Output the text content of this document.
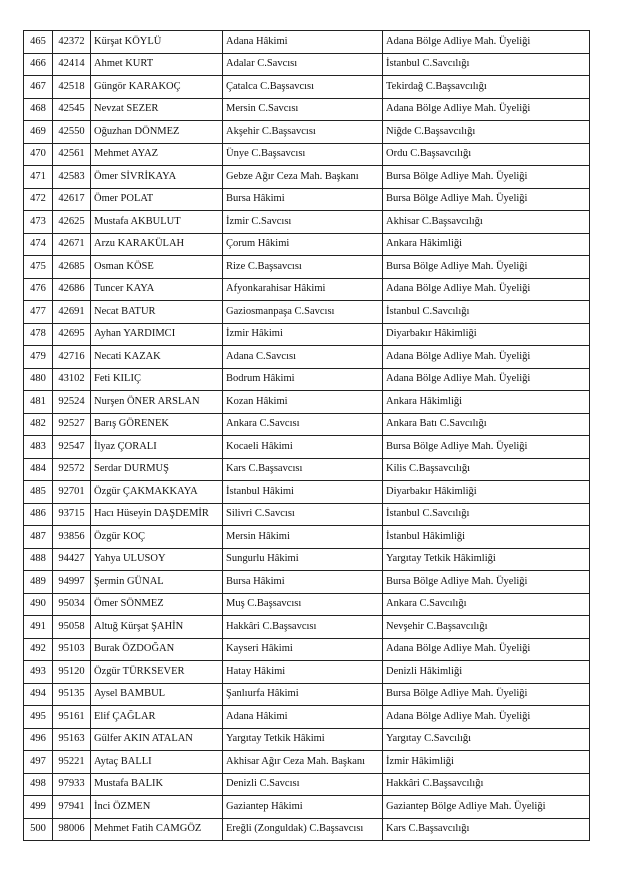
465	42372	Kürşat KÖYLÜ	Adana Hâkimi	Adana Bölge Adliye Mah. Üyeliği
466	42414	Ahmet KURT	Adalar C.Savcısı	İstanbul C.Savcılığı
467	42518	Güngör KARAKOÇ	Çatalca C.Başsavcısı	Tekirdağ C.Başsavcılığı
468	42545	Nevzat SEZER	Mersin C.Savcısı	Adana Bölge Adliye Mah. Üyeliği
469	42550	Oğuzhan DÖNMEZ	Akşehir C.Başsavcısı	Niğde C.Başsavcılığı
470	42561	Mehmet AYAZ	Ünye C.Başsavcısı	Ordu C.Başsavcılığı
471	42583	Ömer SİVRİKAYA	Gebze Ağır Ceza Mah. Başkanı	Bursa Bölge Adliye Mah. Üyeliği
472	42617	Ömer POLAT	Bursa Hâkimi	Bursa Bölge Adliye Mah. Üyeliği
473	42625	Mustafa AKBULUT	İzmir C.Savcısı	Akhisar C.Başsavcılığı
474	42671	Arzu KARAKÜLAH	Çorum Hâkimi	Ankara Hâkimliği
475	42685	Osman KÖSE	Rize C.Başsavcısı	Bursa Bölge Adliye Mah. Üyeliği
476	42686	Tuncer KAYA	Afyonkarahisar Hâkimi	Adana Bölge Adliye Mah. Üyeliği
477	42691	Necat BATUR	Gaziosmanpaşa C.Savcısı	İstanbul C.Savcılığı
478	42695	Ayhan YARDIMCI	İzmir Hâkimi	Diyarbakır Hâkimliği
479	42716	Necati KAZAK	Adana C.Savcısı	Adana Bölge Adliye Mah. Üyeliği
480	43102	Feti KILIÇ	Bodrum Hâkimi	Adana Bölge Adliye Mah. Üyeliği
481	92524	Nurşen ÖNER ARSLAN	Kozan Hâkimi	Ankara Hâkimliği
482	92527	Barış GÖRENEK	Ankara C.Savcısı	Ankara Batı C.Savcılığı
483	92547	İlyaz ÇORALI	Kocaeli Hâkimi	Bursa Bölge Adliye Mah. Üyeliği
484	92572	Serdar DURMUŞ	Kars C.Başsavcısı	Kilis C.Başsavcılığı
485	92701	Özgür ÇAKMAKKAYA	İstanbul Hâkimi	Diyarbakır Hâkimliği
486	93715	Hacı Hüseyin DAŞDEMİR	Silivri C.Savcısı	İstanbul C.Savcılığı
487	93856	Özgür KOÇ	Mersin Hâkimi	İstanbul Hâkimliği
488	94427	Yahya ULUSOY	Sungurlu Hâkimi	Yargıtay Tetkik Hâkimliği
489	94997	Şermin GÜNAL	Bursa Hâkimi	Bursa Bölge Adliye Mah. Üyeliği
490	95034	Ömer SÖNMEZ	Muş C.Başsavcısı	Ankara C.Savcılığı
491	95058	Altuğ Kürşat ŞAHİN	Hakkâri C.Başsavcısı	Nevşehir C.Başsavcılığı
492	95103	Burak ÖZDOĞAN	Kayseri Hâkimi	Adana Bölge Adliye Mah. Üyeliği
493	95120	Özgür TÜRKSEVER	Hatay Hâkimi	Denizli Hâkimliği
494	95135	Aysel BAMBUL	Şanlıurfa Hâkimi	Bursa Bölge Adliye Mah. Üyeliği
495	95161	Elif ÇAĞLAR	Adana Hâkimi	Adana Bölge Adliye Mah. Üyeliği
496	95163	Gülfer AKIN ATALAN	Yargıtay Tetkik Hâkimi	Yargıtay C.Savcılığı
497	95221	Aytaç BALLI	Akhisar Ağır Ceza Mah. Başkanı	İzmir Hâkimliği
498	97933	Mustafa BALIK	Denizli C.Savcısı	Hakkâri C.Başsavcılığı
499	97941	İnci ÖZMEN	Gaziantep Hâkimi	Gaziantep Bölge Adliye Mah. Üyeliği
500	98006	Mehmet Fatih CAMGÖZ	Ereğli (Zonguldak) C.Başsavcısı	Kars C.Başsavcılığı
